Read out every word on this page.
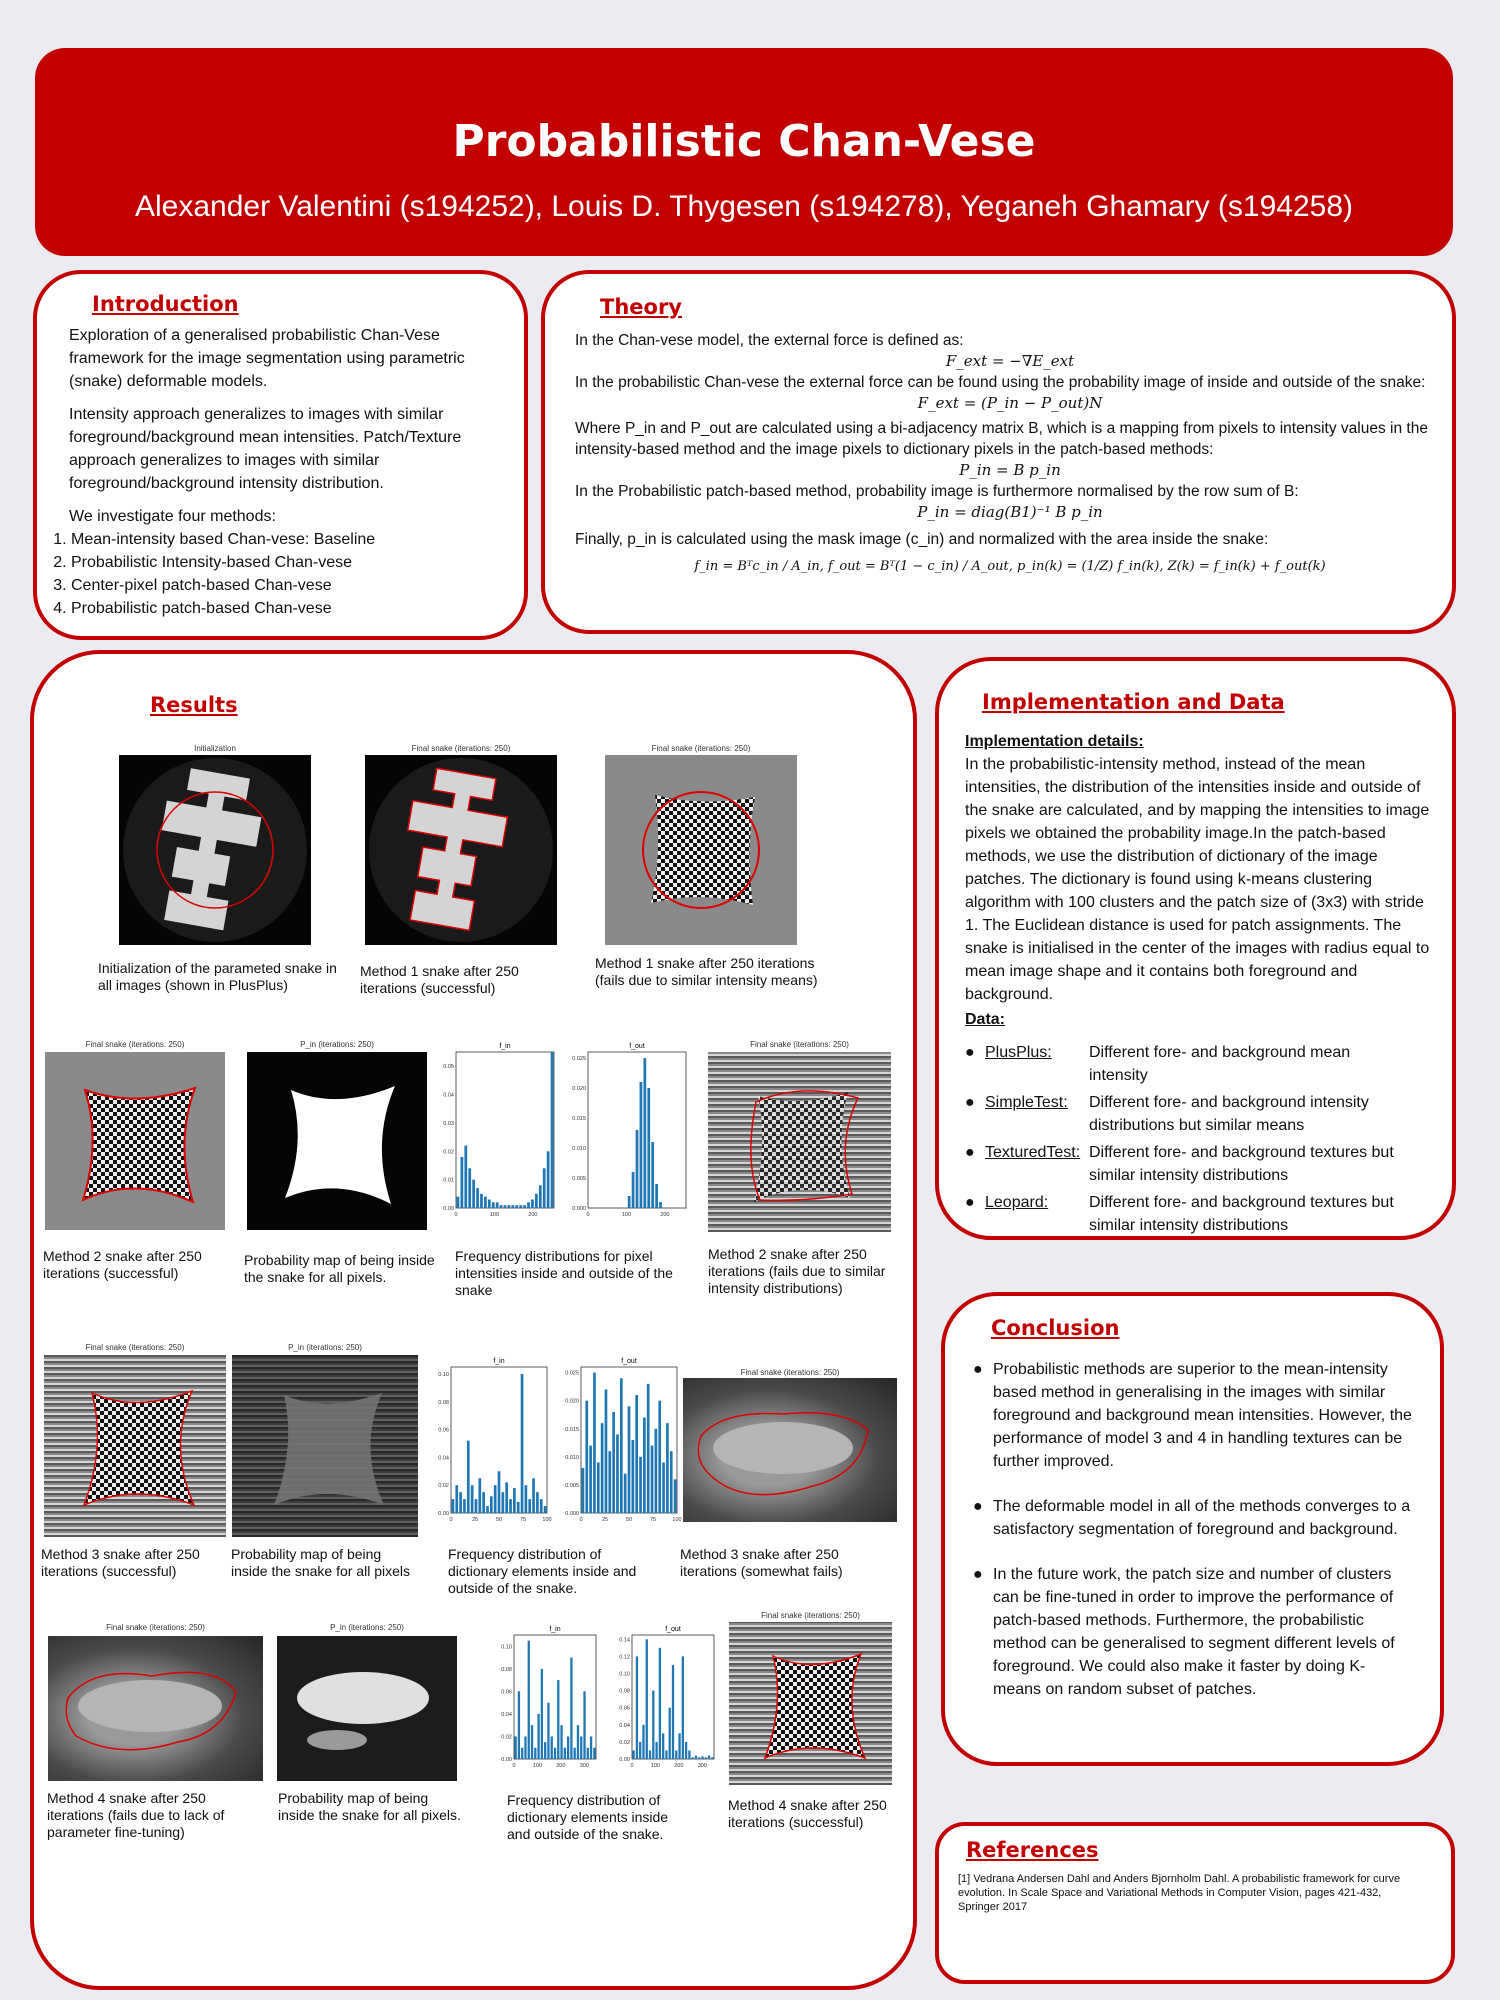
Probabilistic Chan-Vese
Alexander Valentini (s194252), Louis D. Thygesen (s194278), Yeganeh Ghamary (s194258)
Introduction

Exploration of a generalised probabilistic Chan-Vese framework for the image segmentation using parametric (snake) deformable models.

Intensity approach generalizes to images with similar foreground/background mean intensities. Patch/Texture approach generalizes to images with similar foreground/background intensity distribution.

We investigate four methods:

1. Mean-intensity based Chan-vese: Baseline
2. Probabilistic Intensity-based Chan-vese
3. Center-pixel patch-based Chan-vese
4. Probabilistic patch-based Chan-vese
Theory
In the Chan-vese model, the external force is defined as:
F_ext = −∇E_ext
In the probabilistic Chan-vese the external force can be found using the probability image of inside and outside of the snake:
F_ext = (P_in − P_out)N
Where P_in and P_out are calculated using a bi-adjacency matrix B, which is a mapping from pixels to intensity values in the intensity-based method and the image pixels to dictionary pixels in the patch-based methods:
P_in = B p_in
In the Probabilistic patch-based method, probability image is furthermore normalised by the row sum of B:
P_in = diag(B1)⁻¹ B p_in
Finally, p_in is calculated using the mask image (c_in) and normalized with the area inside the snake:
f_in = Bᵀc_in / A_in, f_out = Bᵀ(1 − c_in) / A_out, p_in(k) = (1/Z) f_in(k), Z(k) = f_in(k) + f_out(k)
Results
Initialization
Initialization of the parameted snake in all images (shown in PlusPlus)
Final snake (iterations: 250)
Method 1 snake after 250 iterations (successful)
Final snake (iterations: 250)
Method 1 snake after 250 iterations (fails due to similar intensity means)
Final snake (iterations: 250)
Method 2 snake after 250 iterations (successful)
P_in (iterations: 250)
Probability map of being inside the snake for all pixels.
f_in
0.00
0.01
0.02
0.03
0.04
0.05
0	100	200
f_out
0.000
0.005
0.010
0.015
0.020
0.025
0	100	200
Frequency distributions for pixel intensities inside and outside of the snake
Final snake (iterations: 250)
Method 2 snake after 250 iterations (fails due to similar intensity distributions)
Final snake (iterations: 250)
Method 3 snake after 250 iterations (successful)
P_in (iterations: 250)
Probability map of being inside the snake for all pixels
f_in
0.00
0.02
0.04
0.06
0.08
0.10
0	25	50	75	100
f_out
0.000
0.005
0.010
0.015
0.020
0.025
0	25	50	75	100
Frequency distribution of dictionary elements inside and outside of the snake.
Final snake (iterations: 250)
Method 3 snake after 250 iterations (somewhat fails)
Final snake (iterations: 250)
Method 4 snake after 250 iterations (fails due to lack of parameter fine-tuning)
P_in (iterations: 250)
Probability map of being inside the snake for all pixels.
f_in
0.00
0.02
0.04
0.06
0.08
0.10
0	100	200	300
f_out
0.00
0.02
0.04
0.06
0.08
0.10
0.12
0.14
0	100	200	300
Frequency distribution of dictionary elements inside and outside of the snake.
Final snake (iterations: 250)
Method 4 snake after 250 iterations (successful)
Implementation and Data
Implementation details:
In the probabilistic-intensity method, instead of the mean intensities, the distribution of the intensities inside and outside of the snake are calculated, and by mapping the intensities to image pixels we obtained the probability image.In the patch-based methods, we use the distribution of dictionary of the image patches. The dictionary is found using k-means clustering algorithm with 100 clusters and the patch size of (3x3) with stride 1. The Euclidean distance is used for patch assignments. The snake is initialised in the center of the images with radius equal to mean image shape and it contains both foreground and background.
Data:
● PlusPlus:	Different fore- and background mean intensity
● SimpleTest:	Different fore- and background intensity distributions but similar means
● TexturedTest: Different fore- and background textures but similar intensity distributions
● Leopard:	Different fore- and background textures but similar intensity distributions
Conclusion
● Probabilistic methods are superior to the mean-intensity based method in generalising in the images with similar foreground and background mean intensities. However, the performance of model 3 and 4 in handling textures can be further improved.
● The deformable model in all of the methods converges to a satisfactory segmentation of foreground and background.
● In the future work, the patch size and number of clusters can be fine-tuned in order to improve the performance of patch-based methods. Furthermore, the probabilistic method can be generalised to segment different levels of foreground. We could also make it faster by doing K-means on random subset of patches.
References
[1] Vedrana Andersen Dahl and Anders Bjornholm Dahl. A probabilistic framework for curve evolution. In Scale Space and Variational Methods in Computer Vision, pages 421-432, Springer 2017
